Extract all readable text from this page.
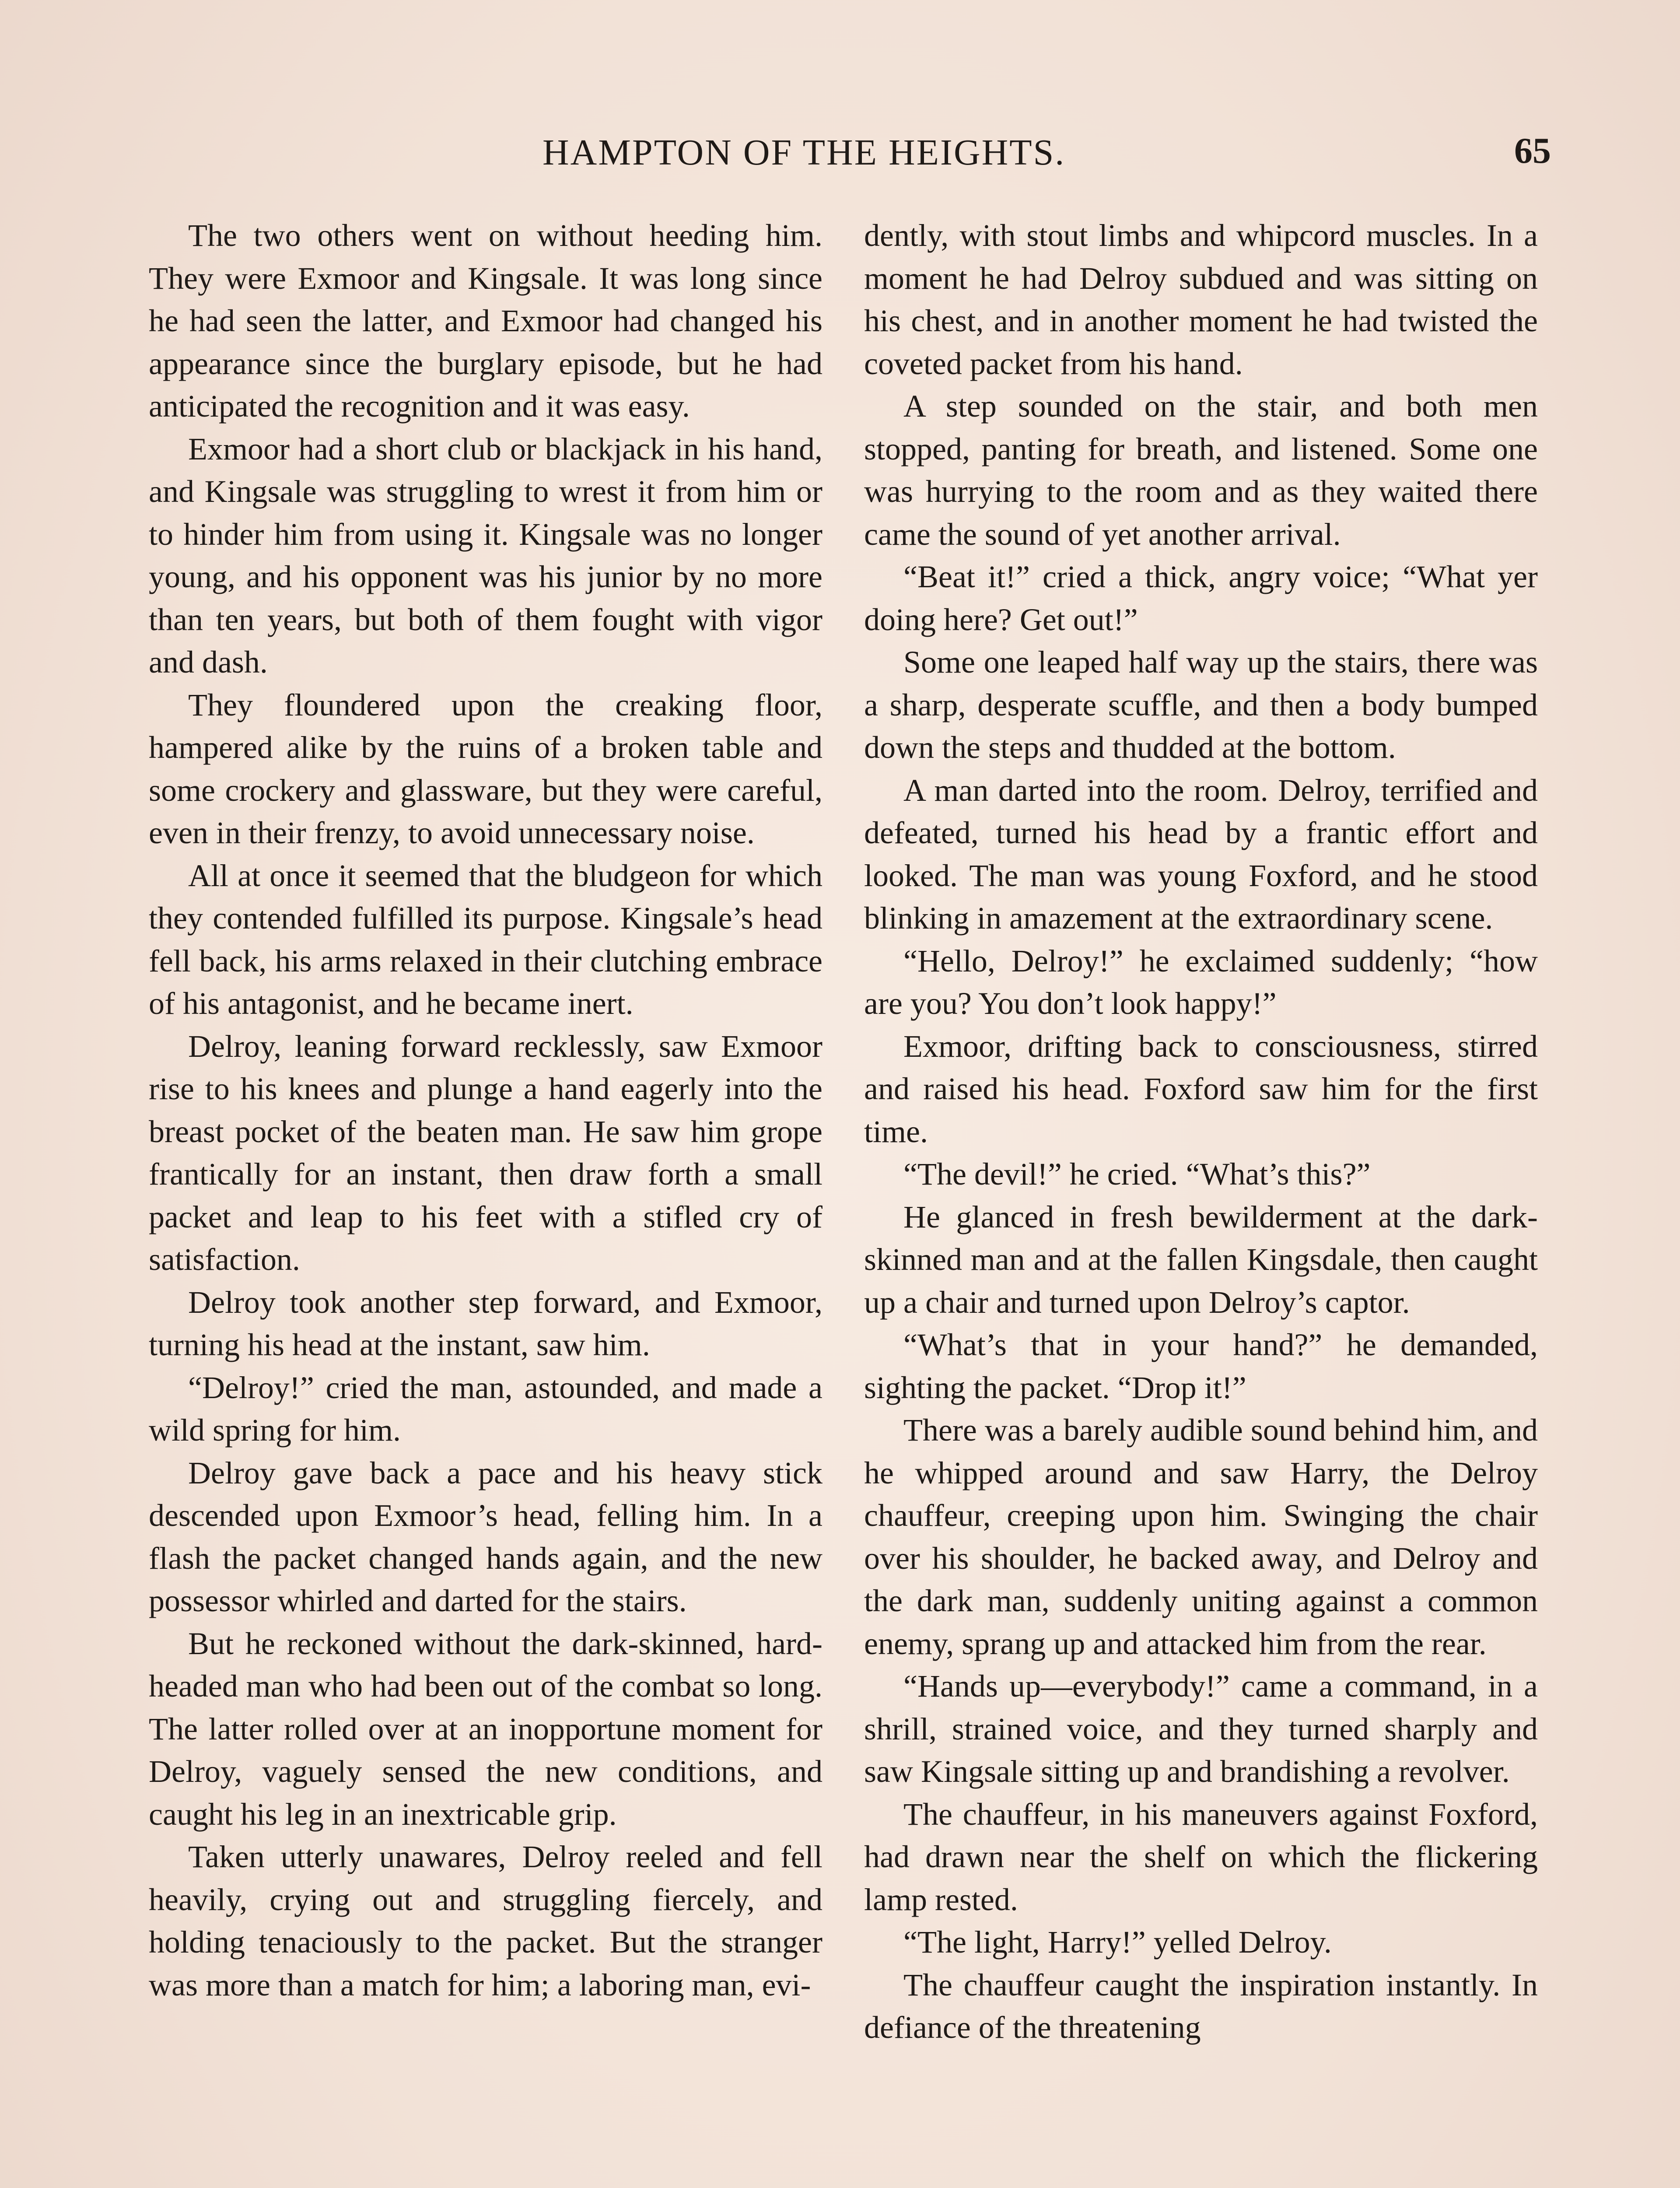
HAMPTON OF THE HEIGHTS.	65

The two others went on without heeding him. They were Exmoor and Kingsale. It was long since he had seen the latter, and Exmoor had changed his appearance since the burglary episode, but he had anticipated the recognition and it was easy.

Exmoor had a short club or blackjack in his hand, and Kingsale was struggling to wrest it from him or to hinder him from using it. Kingsale was no longer young, and his opponent was his junior by no more than ten years, but both of them fought with vigor and dash.

They floundered upon the creaking floor, hampered alike by the ruins of a broken table and some crockery and glassware, but they were careful, even in their frenzy, to avoid unnecessary noise.

All at once it seemed that the bludgeon for which they contended fulfilled its purpose. Kingsale’s head fell back, his arms relaxed in their clutching embrace of his antagonist, and he became inert.

Delroy, leaning forward recklessly, saw Exmoor rise to his knees and plunge a hand eagerly into the breast pocket of the beaten man. He saw him grope frantically for an instant, then draw forth a small packet and leap to his feet with a stifled cry of satisfaction.

Delroy took another step forward, and Exmoor, turning his head at the instant, saw him.

“Delroy!” cried the man, astounded, and made a wild spring for him.

Delroy gave back a pace and his heavy stick descended upon Exmoor’s head, felling him. In a flash the packet changed hands again, and the new possessor whirled and darted for the stairs.

But he reckoned without the dark-skinned, hard-headed man who had been out of the combat so long. The latter rolled over at an inopportune moment for Delroy, vaguely sensed the new conditions, and caught his leg in an inextricable grip.

Taken utterly unawares, Delroy reeled and fell heavily, crying out and struggling fiercely, and holding tenaciously to the packet. But the stranger was more than a match for him; a laboring man, evi-

dently, with stout limbs and whipcord muscles. In a moment he had Delroy subdued and was sitting on his chest, and in another moment he had twisted the coveted packet from his hand.

A step sounded on the stair, and both men stopped, panting for breath, and listened. Some one was hurrying to the room and as they waited there came the sound of yet another arrival.

“Beat it!” cried a thick, angry voice; “What yer doing here? Get out!”

Some one leaped half way up the stairs, there was a sharp, desperate scuffle, and then a body bumped down the steps and thudded at the bottom.

A man darted into the room. Delroy, terrified and defeated, turned his head by a frantic effort and looked. The man was young Foxford, and he stood blinking in amazement at the extraordinary scene.

“Hello, Delroy!” he exclaimed suddenly; “how are you? You don’t look happy!”

Exmoor, drifting back to consciousness, stirred and raised his head. Foxford saw him for the first time.

“The devil!” he cried. “What’s this?”

He glanced in fresh bewilderment at the dark-skinned man and at the fallen Kingsdale, then caught up a chair and turned upon Delroy’s captor.

“What’s that in your hand?” he demanded, sighting the packet. “Drop it!”

There was a barely audible sound behind him, and he whipped around and saw Harry, the Delroy chauffeur, creeping upon him. Swinging the chair over his shoulder, he backed away, and Delroy and the dark man, suddenly uniting against a common enemy, sprang up and attacked him from the rear.

“Hands up—everybody!” came a command, in a shrill, strained voice, and they turned sharply and saw Kingsale sitting up and brandishing a revolver.

The chauffeur, in his maneuvers against Foxford, had drawn near the shelf on which the flickering lamp rested.

“The light, Harry!” yelled Delroy.

The chauffeur caught the inspiration instantly. In defiance of the threatening
